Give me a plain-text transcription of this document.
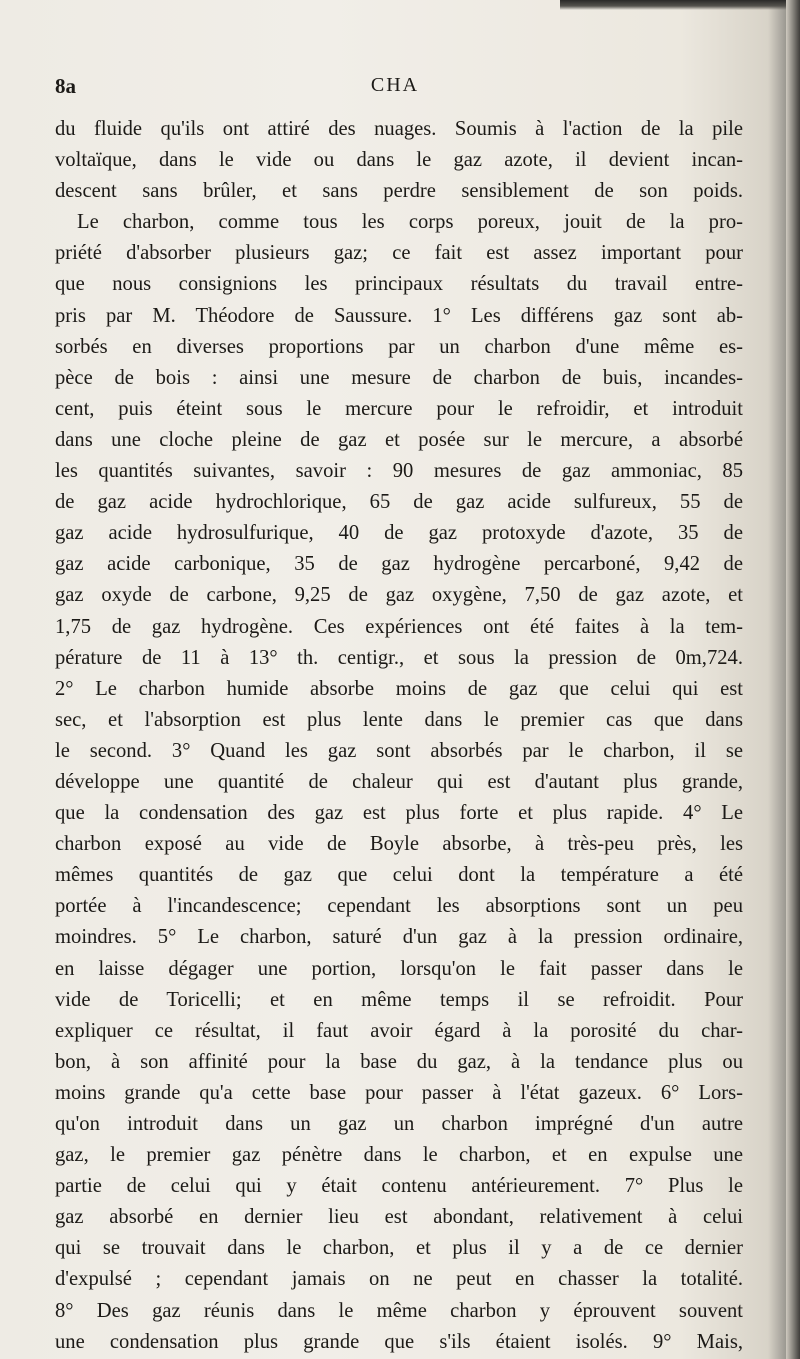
8a	CHA
du fluide qu'ils ont attiré des nuages. Soumis à l'action de la pile
voltaïque, dans le vide ou dans le gaz azote, il devient incan-
descent sans brûler, et sans perdre sensiblement de son poids.
Le charbon, comme tous les corps poreux, jouit de la pro-
priété d'absorber plusieurs gaz; ce fait est assez important pour
que nous consignions les principaux résultats du travail entre-
pris par M. Théodore de Saussure. 1° Les différens gaz sont ab-
sorbés en diverses proportions par un charbon d'une même es-
pèce de bois : ainsi une mesure de charbon de buis, incandes-
cent, puis éteint sous le mercure pour le refroidir, et introduit
dans une cloche pleine de gaz et posée sur le mercure, a absorbé
les quantités suivantes, savoir : 90 mesures de gaz ammoniac, 85
de gaz acide hydrochlorique, 65 de gaz acide sulfureux, 55 de
gaz acide hydrosulfurique, 40 de gaz protoxyde d'azote, 35 de
gaz acide carbonique, 35 de gaz hydrogène percarboné, 9,42 de
gaz oxyde de carbone, 9,25 de gaz oxygène, 7,50 de gaz azote, et
1,75 de gaz hydrogène. Ces expériences ont été faites à la tem-
pérature de 11 à 13° th. centigr., et sous la pression de 0m,724.
2° Le charbon humide absorbe moins de gaz que celui qui est
sec, et l'absorption est plus lente dans le premier cas que dans
le second. 3° Quand les gaz sont absorbés par le charbon, il se
développe une quantité de chaleur qui est d'autant plus grande,
que la condensation des gaz est plus forte et plus rapide. 4° Le
charbon exposé au vide de Boyle absorbe, à très-peu près, les
mêmes quantités de gaz que celui dont la température a été
portée à l'incandescence; cependant les absorptions sont un peu
moindres. 5° Le charbon, saturé d'un gaz à la pression ordinaire,
en laisse dégager une portion, lorsqu'on le fait passer dans le
vide de Toricelli; et en même temps il se refroidit. Pour
expliquer ce résultat, il faut avoir égard à la porosité du char-
bon, à son affinité pour la base du gaz, à la tendance plus ou
moins grande qu'a cette base pour passer à l'état gazeux. 6° Lors-
qu'on introduit dans un gaz un charbon imprégné d'un autre
gaz, le premier gaz pénètre dans le charbon, et en expulse une
partie de celui qui y était contenu antérieurement. 7° Plus le
gaz absorbé en dernier lieu est abondant, relativement à celui
qui se trouvait dans le charbon, et plus il y a de ce dernier
d'expulsé ; cependant jamais on ne peut en chasser la totalité.
8° Des gaz réunis dans le même charbon y éprouvent souvent
une condensation plus grande que s'ils étaient isolés. 9° Mais,
